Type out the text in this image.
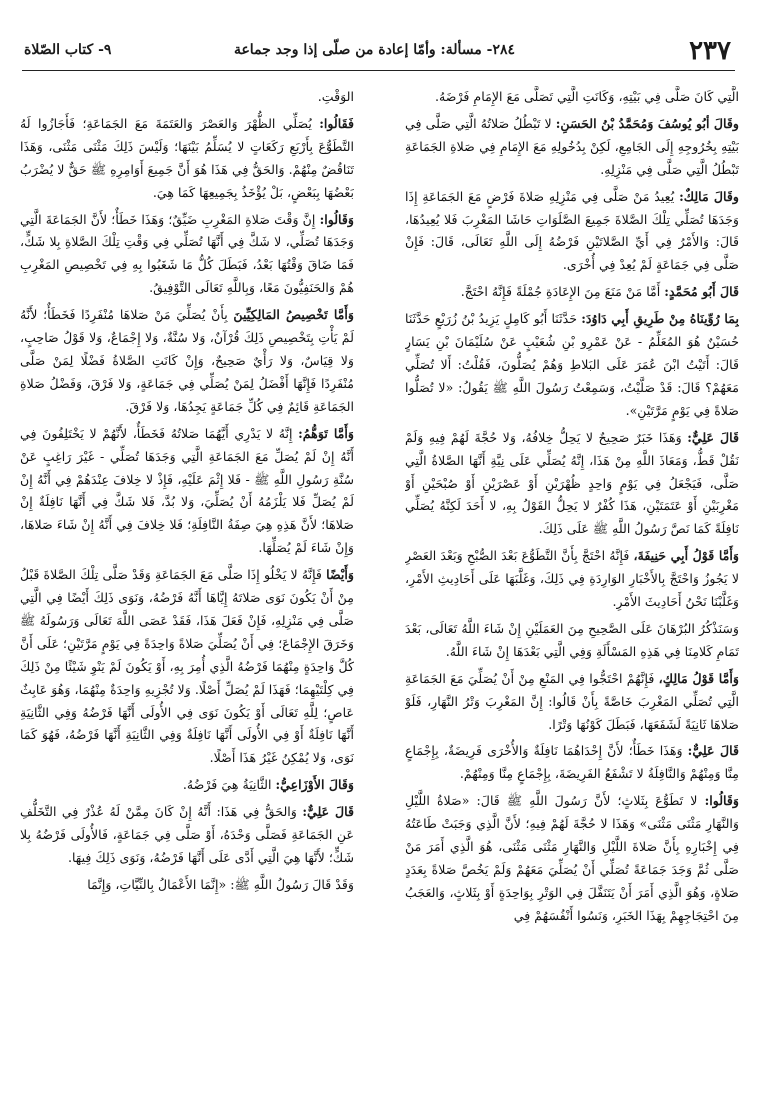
٢٣٧
٢٨٤- مسألة: وأمّا إعادة من صلّى إذا وجد جماعة
٩- كتاب الصّلاة

الَّتِي كَانَ صَلَّى فِي بَيْتِهِ، وَكَانَتِ الَّتِي تَصَلَّى مَعَ الإِمَامِ فَرْضَهُ.

وقَالَ أبُو يُوسُفَ وَمُحَمَّدُ بْنُ الحَسَنِ: لا تَبْطُلُ صَلاتُهُ الَّتِي صَلَّى فِي بَيْتِهِ بِخُرُوجِهِ إِلَى الجَامِعِ، لَكِنْ بِدُخُولِهِ مَعَ الإِمَامِ فِي صَلاةِ الجَمَاعَةِ تَبْطُلُ الَّتِي صَلَّى فِي مَنْزِلِهِ.

وقَالَ مَالِكٌ: يُعِيدُ مَنْ صَلَّى فِي مَنْزِلِهِ صَلاةَ فَرْضٍ مَعَ الجَمَاعَةِ إِذَا وَجَدَهَا تُصَلِّي تِلْكَ الصَّلاةَ جَمِيعَ الصَّلَوَاتِ حَاشَا المَغْرِبَ فَلا يُعِيدُهَا، قَالَ: وَالأَمْرُ فِي أَيِّ الصَّلاتَيْنِ فَرْضُهُ إِلَى اللَّهِ تَعَالَى، قَالَ: فَإِنْ صَلَّى فِي جَمَاعَةٍ لَمْ يُعِدْ فِي أُخْرَى.

قَالَ أَبُو مُحَمَّدٍ: أَمَّا مَنْ مَنَعَ مِنَ الإِعَادَةِ جُمْلَةً فَإِنَّهُ احْتَجَّ.

بِمَا رُوِّينَاهُ مِنْ طَرِيقِ أَبِي دَاوُدَ: حَدَّثَنَا أَبُو كَامِلٍ يَزِيدُ بْنُ زُرَيْعٍ حَدَّثَنَا حُسَيْنٌ هُوَ المُعَلِّمُ - عَنْ عَمْرِو بْنِ شُعَيْبٍ عَنْ سُلَيْمَانَ بْنِ يَسَارٍ قَالَ: أَتَيْتُ ابْنَ عُمَرَ عَلَى البَلاطِ وَهُمْ يُصَلُّونَ، فَقُلْتُ: أَلا تُصَلِّي مَعَهُمْ؟ قَالَ: قَدْ صَلَّيْتُ، وَسَمِعْتُ رَسُولَ اللَّهِ ﷺ يَقُولُ: «لا تُصَلُّوا صَلاةً فِي يَوْمٍ مَرَّتَيْنِ».

قَالَ عَلِيٌّ: وَهَذَا خَبَرٌ صَحِيحٌ لا يَحِلُّ خِلافُهُ، وَلا حُجَّةَ لَهُمْ فِيهِ وَلَمْ نَقُلْ قَطُّ، وَمَعَاذَ اللَّهِ مِنْ هَذَا، إِنَّهُ يُصَلِّي عَلَى نِيَّةِ أَنَّهَا الصَّلاةُ الَّتِي صَلَّى، فَيَجْعَلُ فِي يَوْمٍ وَاحِدٍ ظُهْرَيْنِ أَوْ عَصْرَيْنِ أَوْ صُبْحَيْنِ أَوْ مَغْرِبَيْنِ أَوْ عَتَمَتَيْنِ، هَذَا كُفْرٌ لا يَحِلُّ القَوْلُ بِهِ، لا أَحَدَ لَكِنَّهُ يُصَلِّي نَافِلَةً كَمَا نَصَّ رَسُولُ اللَّهِ ﷺ عَلَى ذَلِكَ.

وَأَمَّا قَوْلُ أَبِي حَنِيفَةَ، فَإِنَّهُ احْتَجَّ بِأَنَّ التَّطَوُّعَ بَعْدَ الصُّبْحِ وَبَعْدَ العَصْرِ لا يَجُوزُ وَاحْتَجَّ بِالأَخْبَارِ الوَارِدَةِ فِي ذَلِكَ، وَغَلَّبَهَا عَلَى أَحَادِيثِ الأَمْرِ، وَغَلَّبْنَا نَحْنُ أَحَادِيثَ الأَمْرِ.

وَسَنَذْكُرُ البُرْهَانَ عَلَى الصَّحِيحِ مِنَ العَمَلَيْنِ إِنْ شَاءَ اللَّهُ تَعَالَى، بَعْدَ تَمَامِ كَلامِنَا فِي هَذِهِ المَسْأَلَةِ وَفِي الَّتِي بَعْدَهَا إِنْ شَاءَ اللَّهُ.

وَأَمَّا قَوْلُ مَالِكٍ، فَإِنَّهُمْ احْتَجُّوا فِي المَنْعِ مِنْ أَنْ يُصَلِّيَ مَعَ الجَمَاعَةِ الَّتِي تُصَلِّي المَغْرِبَ خَاصَّةً بِأَنْ قَالُوا: إِنَّ المَغْرِبَ وَتْرُ النَّهَارِ، فَلَوْ صَلاهَا ثَانِيَةً لَشَفَعَهَا، فَبَطَلَ كَوْنُهَا وَتْرًا.

قَالَ عَلِيٌّ: وَهَذَا خَطَأٌ؛ لأَنَّ إِحْدَاهُمَا نَافِلَةٌ وَالأُخْرَى فَرِيضَةٌ، بِإِجْمَاعٍ مِنَّا وَمِنْهُمْ وَالنَّافِلَةُ لا تَشْفَعُ الفَرِيضَةَ، بِإِجْمَاعٍ مِنَّا وَمِنْهُمْ.

وَقَالُوا: لا تَطَوُّعَ بِثَلاثٍ؛ لأَنَّ رَسُولَ اللَّهِ ﷺ قَالَ: «صَلاةُ اللَّيْلِ وَالنَّهَارِ مَثْنَى مَثْنَى» وَهَذَا لا حُجَّةَ لَهُمْ فِيهِ؛ لأَنَّ الَّذِي وَجَبَتْ طَاعَتُهُ فِي إِخْبَارِهِ بِأَنَّ صَلاةَ اللَّيْلِ وَالنَّهَارِ مَثْنَى مَثْنَى، هُوَ الَّذِي أَمَرَ مَنْ صَلَّى ثُمَّ وَجَدَ جَمَاعَةً تُصَلِّي أَنْ يُصَلِّيَ مَعَهُمْ وَلَمْ يَخُصَّ صَلاةً بِعَدَدٍ صَلاةٍ، وَهُوَ الَّذِي أَمَرَ أَنْ يَتَنَفَّلَ فِي الوَتْرِ بِوَاحِدَةٍ أَوْ بِثَلاثٍ، وَالعَجَبُ مِنَ احْتِجَاجِهِمْ بِهَذَا الخَبَرِ، وَنَسُوا أَنْفُسَهُمْ فِي

الوَقْتِ.

فَقَالُوا: يُصَلِّي الظُّهْرَ وَالعَصْرَ وَالعَتَمَةَ مَعَ الجَمَاعَةِ؛ فَأَجَازُوا لَهُ التَّطَوُّعَ بِأَرْبَعِ رَكَعَاتٍ لا يُسَلِّمُ بَيْنَهَا؛ وَلَيْسَ ذَلِكَ مَثْنَى مَثْنَى، وَهَذَا تَنَاقُضٌ مِنْهُمْ. وَالحَقُّ فِي هَذَا هُوَ أَنَّ جَمِيعَ أَوَامِرِهِ ﷺ حَقٌّ لا يُضْرَبُ بَعْضُهَا بِبَعْضٍ، بَلْ يُؤْخَذُ بِجَمِيعِهَا كَمَا هِيَ.

وَقَالُوا: إِنَّ وَقْتَ صَلاةِ المَغْرِبِ ضَيِّقٌ؛ وَهَذَا خَطَأٌ؛ لأَنَّ الجَمَاعَةَ الَّتِي وَجَدَهَا تُصَلِّي، لا شَكَّ فِي أَنَّهَا تُصَلِّي فِي وَقْتِ تِلْكَ الصَّلاةِ بِلا شَكٍّ، فَمَا ضَاقَ وَقْتُهَا بَعْدُ، فَبَطَلَ كُلُّ مَا شَغَبُوا بِهِ فِي تَخْصِيصِ المَغْرِبِ هُمْ وَالحَنَفِيُّونَ مَعًا، وَبِاللَّهِ تَعَالَى التَّوْفِيقُ.

وَأَمَّا تَخْصِيصُ المَالِكِيِّينَ بِأَنْ يُصَلِّيَ مَنْ صَلاهَا مُنْفَرِدًا فَخَطَأٌ؛ لأَنَّهُ لَمْ يَأْتِ بِتَخْصِيصِ ذَلِكَ قُرْآنٌ، وَلا سُنَّةٌ، وَلا إِجْمَاعٌ، وَلا قَوْلُ صَاحِبٍ، وَلا قِيَاسٌ، وَلا رَأْيٌ صَحِيحٌ، وَإِنْ كَانَتِ الصَّلاةُ فَضْلًا لِمَنْ صَلَّى مُنْفَرِدًا فَإِنَّهَا أَفْضَلُ لِمَنْ يُصَلِّي فِي جَمَاعَةٍ، وَلا فَرْقَ، وَفَضْلُ صَلاةِ الجَمَاعَةِ قَائِمٌ فِي كُلِّ جَمَاعَةٍ يَجِدُهَا، وَلا فَرْقَ.

وَأَمَّا تَوَهُّمُ: إِنَّهُ لا يَدْرِي أَيَّهُمَا صَلاتُهُ فَخَطَأٌ، لأَنَّهُمْ لا يَخْتَلِفُونَ فِي أَنَّهُ إِنْ لَمْ يُصَلِّ مَعَ الجَمَاعَةِ الَّتِي وَجَدَهَا تُصَلِّي - غَيْرَ رَاغِبٍ عَنْ سُنَّةِ رَسُولِ اللَّهِ ﷺ - فَلا إِثْمَ عَلَيْهِ، فَإِذْ لا خِلافَ عِنْدَهُمْ فِي أَنَّهُ إِنْ لَمْ يُصَلِّ فَلا يَلْزَمُهُ أَنْ يُصَلِّيَ، وَلا بُدَّ، فَلا شَكَّ فِي أَنَّهَا نَافِلَةٌ إِنْ صَلاهَا؛ لأَنَّ هَذِهِ هِيَ صِفَةُ النَّافِلَةِ؛ فَلا خِلافَ فِي أَنَّهُ إِنْ شَاءَ صَلاهَا، وَإِنْ شَاءَ لَمْ يُصَلِّهَا.

وَأَيْضًا فَإِنَّهُ لا يَخْلُو إِذَا صَلَّى مَعَ الجَمَاعَةِ وَقَدْ صَلَّى تِلْكَ الصَّلاةَ قَبْلُ مِنْ أَنْ يَكُونَ نَوَى صَلاتَهُ إِيَّاهَا أَنَّهُ فَرْضُهُ، وَنَوَى ذَلِكَ أَيْضًا فِي الَّتِي صَلَّى فِي مَنْزِلِهِ، فَإِنْ فَعَلَ هَذَا، فَقَدْ عَصَى اللَّهَ تَعَالَى وَرَسُولَهُ ﷺ وَخَرَقَ الإِجْمَاعَ؛ فِي أَنْ يُصَلِّيَ صَلاةً وَاحِدَةً فِي يَوْمٍ مَرَّتَيْنِ؛ عَلَى أَنَّ كُلَّ وَاحِدَةٍ مِنْهُمَا فَرْضُهُ الَّذِي أُمِرَ بِهِ، أَوْ يَكُونَ لَمْ يَنْوِ شَيْئًا مِنْ ذَلِكَ فِي كِلْتَيْهِمَا؛ فَهَذَا لَمْ يُصَلِّ أَصْلًا. وَلا تُجْزِيهِ وَاحِدَةٌ مِنْهُمَا، وَهُوَ عَابِثٌ عَاصٍ؛ لِلَّهِ تَعَالَى أَوْ يَكُونَ نَوَى فِي الأُولَى أَنَّهَا فَرْضُهُ وَفِي الثَّانِيَةِ أَنَّهَا نَافِلَةٌ أَوْ فِي الأُولَى أَنَّهَا نَافِلَةٌ وَفِي الثَّانِيَةِ أَنَّهَا فَرْضُهُ، فَهُوَ كَمَا نَوَى، وَلا يُمْكِنُ غَيْرُ هَذَا أَصْلًا.

وَقَالَ الأَوْزَاعِيُّ: الثَّانِيَةُ هِيَ فَرْضُهُ.

قَالَ عَلِيٌّ: وَالحَقُّ فِي هَذَا: أَنَّهُ إِنْ كَانَ مِمَّنْ لَهُ عُذْرٌ فِي التَّخَلُّفِ عَنِ الجَمَاعَةِ فَصَلَّى وَحْدَهُ، أَوْ صَلَّى فِي جَمَاعَةٍ، فَالأُولَى فَرْضُهُ بِلا شَكٍّ؛ لأَنَّهَا هِيَ الَّتِي أَدَّى عَلَى أَنَّهَا فَرْضُهُ، وَنَوَى ذَلِكَ فِيهَا.

وَقَدْ قَالَ رَسُولُ اللَّهِ ﷺ: «إِنَّمَا الأَعْمَالُ بِالنِّيَّاتِ، وَإِنَّمَا
